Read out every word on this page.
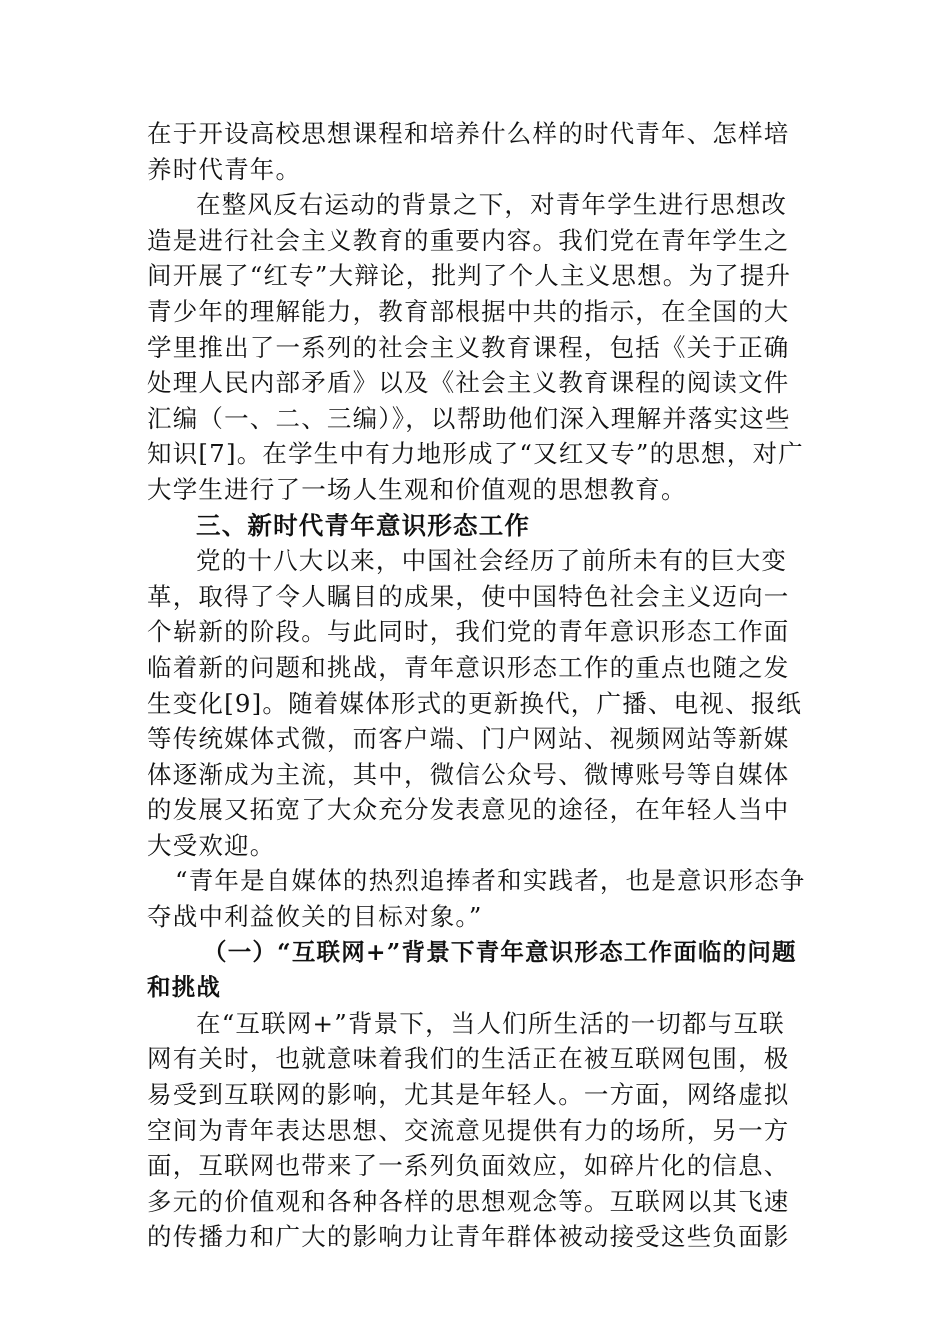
在于开设高校思想课程和培养什么样的时代青年、怎样培养时代青年。

在整风反右运动的背景之下，对青年学生进行思想改造是进行社会主义教育的重要内容。我们党在青年学生之间开展了“红专”大辩论，批判了个人主义思想。为了提升青少年的理解能力，教育部根据中共的指示，在全国的大学里推出了一系列的社会主义教育课程，包括《关于正确处理人民内部矛盾》以及《社会主义教育课程的阅读文件汇编（一、二、三编）》，以帮助他们深入理解并落实这些知识[7]。在学生中有力地形成了“又红又专”的思想，对广大学生进行了一场人生观和价值观的思想教育。

三、新时代青年意识形态工作

党的十八大以来，中国社会经历了前所未有的巨大变革，取得了令人瞩目的成果，使中国特色社会主义迈向一个崭新的阶段。与此同时，我们党的青年意识形态工作面临着新的问题和挑战，青年意识形态工作的重点也随之发生变化[9]。随着媒体形式的更新换代，广播、电视、报纸等传统媒体式微，而客户端、门户网站、视频网站等新媒体逐渐成为主流，其中，微信公众号、微博账号等自媒体的发展又拓宽了大众充分发表意见的途径，在年轻人当中大受欢迎。

“青年是自媒体的热烈追捧者和实践者，也是意识形态争夺战中利益攸关的目标对象。”

（一）“互联网+”背景下青年意识形态工作面临的问题和挑战

在“互联网+”背景下，当人们所生活的一切都与互联网有关时，也就意味着我们的生活正在被互联网包围，极易受到互联网的影响，尤其是年轻人。一方面，网络虚拟空间为青年表达思想、交流意见提供有力的场所，另一方面，互联网也带来了一系列负面效应，如碎片化的信息、多元的价值观和各种各样的思想观念等。互联网以其飞速的传播力和广大的影响力让青年群体被动接受这些负面影
